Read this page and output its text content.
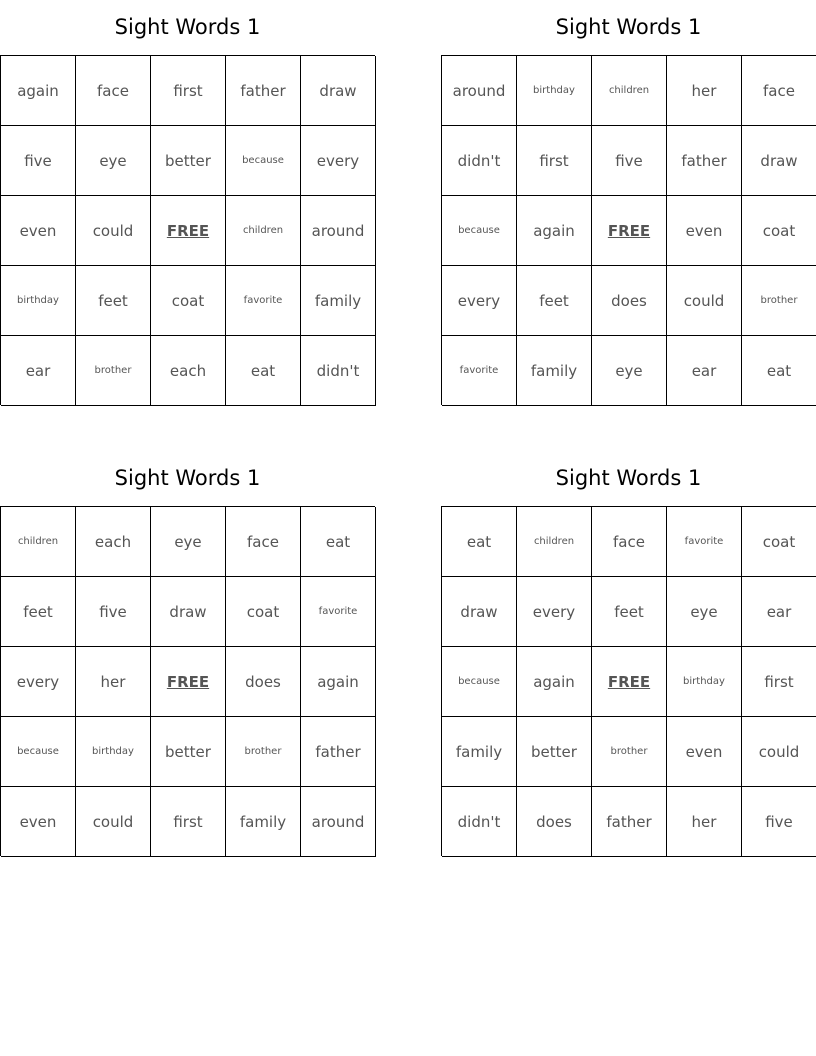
Sight Words 1
again	face	first	father	draw
five	eye	better	because	every
even	could	FREE	children	around
birthday	feet	coat	favorite	family
ear	brother	each	eat	didn't
Sight Words 1
around	birthday	children	her	face
didn't	first	five	father	draw
because	again	FREE	even	coat
every	feet	does	could	brother
favorite	family	eye	ear	eat
Sight Words 1
children	each	eye	face	eat
feet	five	draw	coat	favorite
every	her	FREE	does	again
because	birthday	better	brother	father
even	could	first	family	around
Sight Words 1
eat	children	face	favorite	coat
draw	every	feet	eye	ear
because	again	FREE	birthday	first
family	better	brother	even	could
didn't	does	father	her	five
